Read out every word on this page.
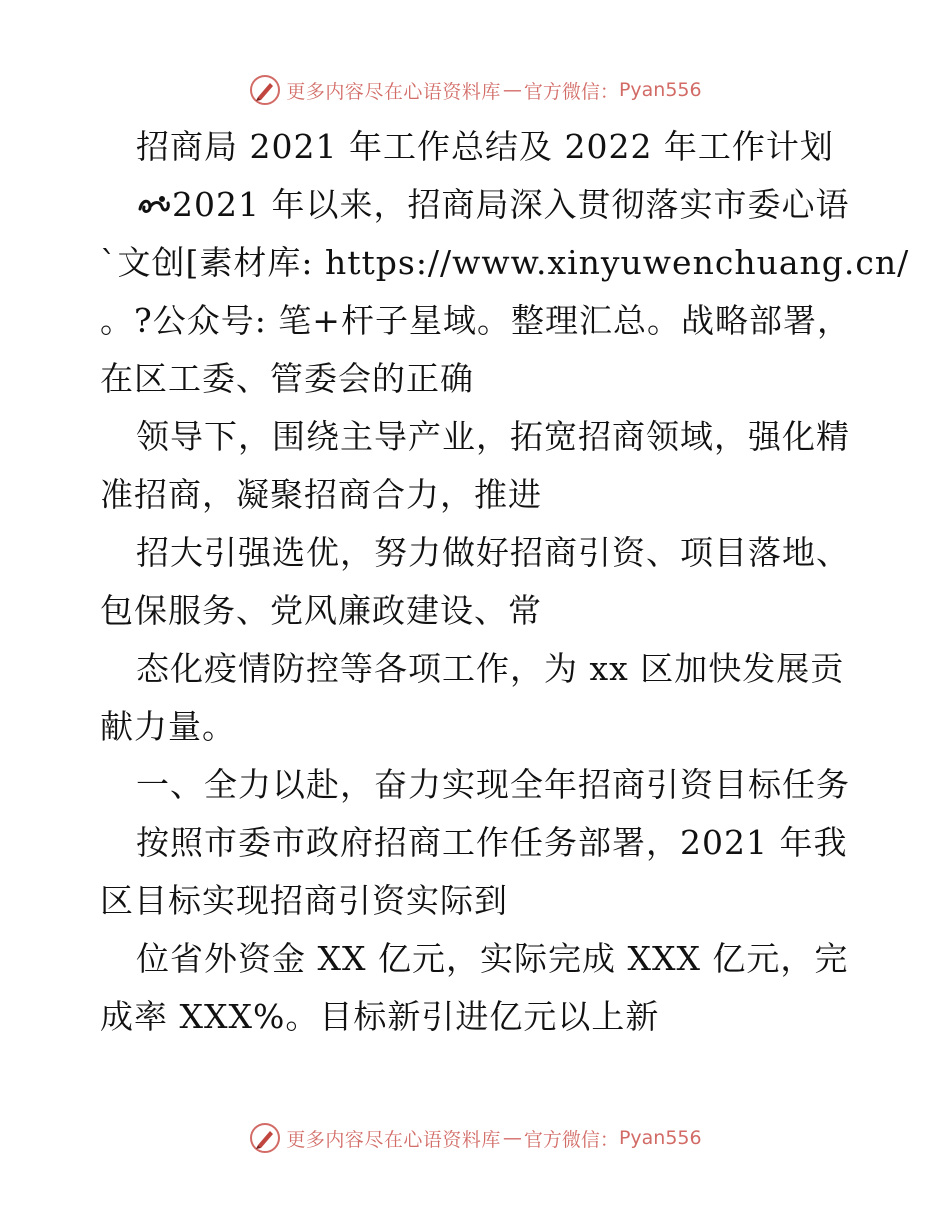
更多内容尽在心语资料库 — 官方微信： Pyan556
招商局 2021 年工作总结及 2022 年工作计划
2021 年以来，招商局深入贯彻落实市委心语
`文创[素材库: https://www.xinyuwenchuang.cn/
。?公众号: 笔+杆子星域。整理汇总。战略部署，
在区工委、管委会的正确
领导下，围绕主导产业，拓宽招商领域，强化精
准招商，凝聚招商合力，推进
招大引强选优，努力做好招商引资、项目落地、
包保服务、党风廉政建设、常
态化疫情防控等各项工作，为 xx 区加快发展贡
献力量。
一、全力以赴，奋力实现全年招商引资目标任务
按照市委市政府招商工作任务部署，2021 年我
区目标实现招商引资实际到
位省外资金 XX 亿元，实际完成 XXX 亿元，完
成率 XXX%。目标新引进亿元以上新
更多内容尽在心语资料库 — 官方微信： Pyan556
